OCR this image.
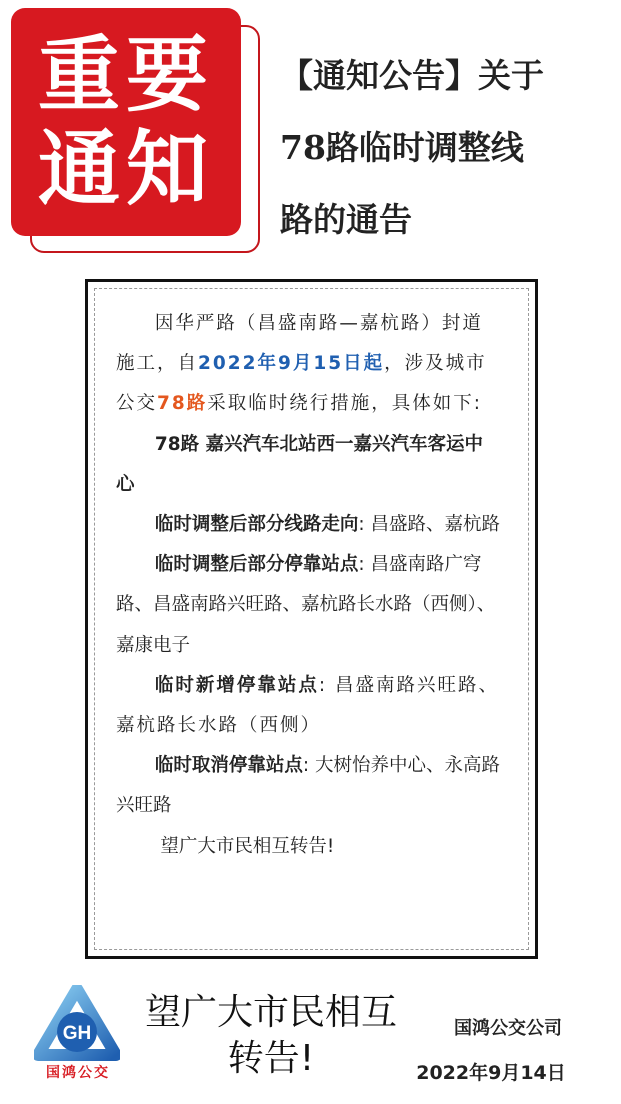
重要
通知
【通知公告】关于
78路临时调整线
路的通告
因华严路（昌盛南路—嘉杭路）封道施工，自2022年9月15日起，涉及城市公交78路采取临时绕行措施，具体如下:
78路 嘉兴汽车北站西一嘉兴汽车客运中心
临时调整后部分线路走向: 昌盛路、嘉杭路
临时调整后部分停靠站点: 昌盛南路广穹路、昌盛南路兴旺路、嘉杭路长水路（西侧）、嘉康电子
临时新增停靠站点: 昌盛南路兴旺路、嘉杭路长水路（西侧）
临时取消停靠站点: 大树怡养中心、永高路兴旺路
望广大市民相互转告!
GH
国鸿公交
望广大市民相互
转告!
国鸿公交公司
2022年9月14日
